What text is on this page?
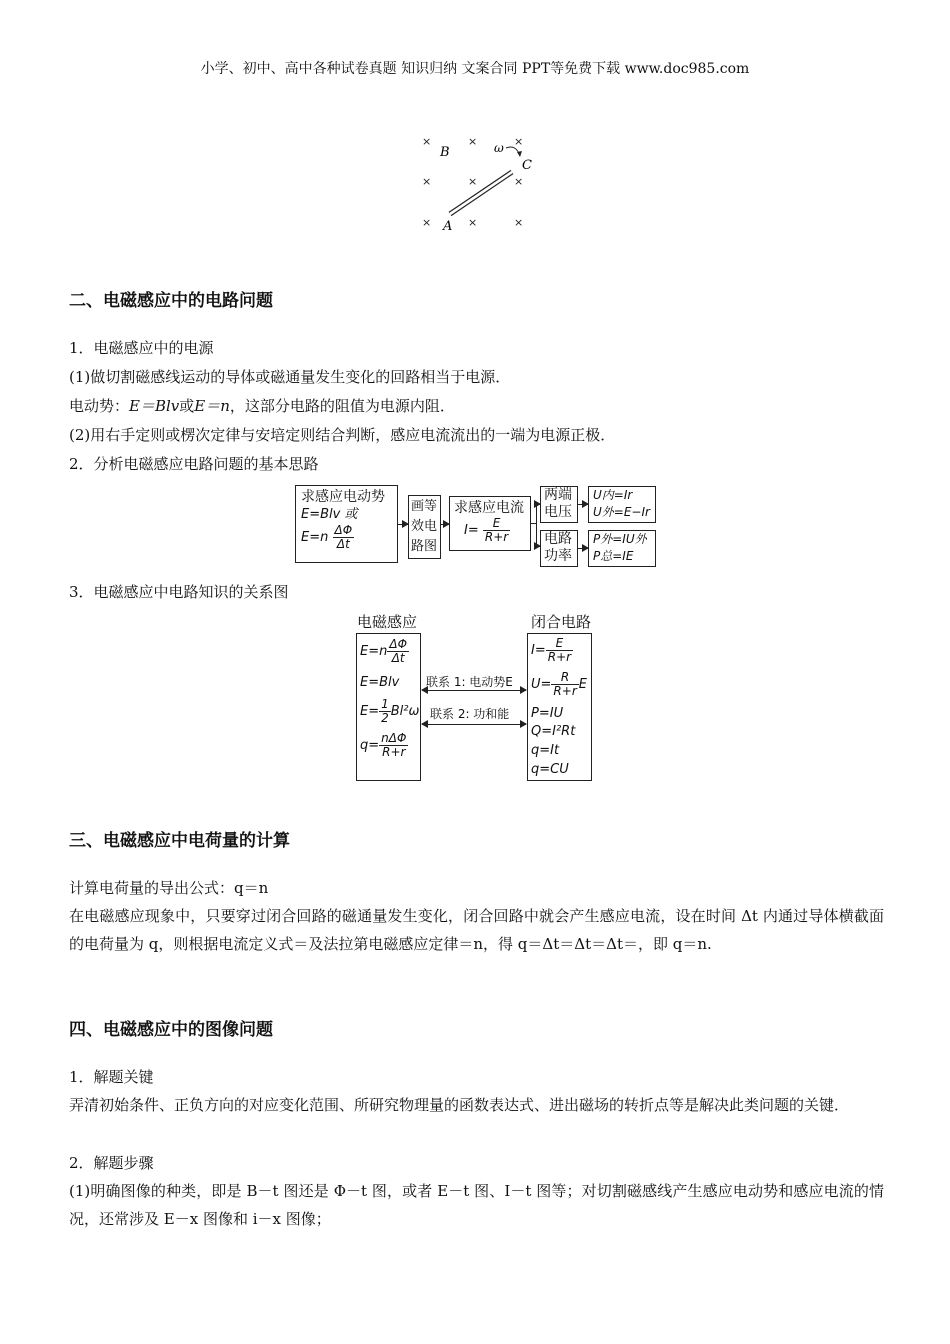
小学、初中、高中各种试卷真题 知识归纳 文案合同 PPT等免费下载 www.doc985.com
×	×	×
×	×	×
×	×	×
B
C
A
ω
二、电磁感应中的电路问题
1．电磁感应中的电源
(1)做切割磁感线运动的导体或磁通量发生变化的回路相当于电源．
电动势：E＝Blv或E＝n，这部分电路的阻值为电源内阻．
(2)用右手定则或楞次定律与安培定则结合判断，感应电流流出的一端为电源正极．
2．分析电磁感应电路问题的基本思路
求感应电动势
E=Blv 或
$E=n \frac{\Delta\Phi}{\Delta t}$
画等
效电
路图
求感应电流
$I= \frac{E}{R+r}$
两端
电压
U内=Ir
U外=E−Ir
电路
功率
P外=IU外
P总=IE
3．电磁感应中电路知识的关系图
电磁感应	闭合电路
$E=n \frac{\Delta\Phi}{\Delta t}$
E=Blv
$E= \frac{1}{2} Bl^2\omega$
$q= \frac{\text{nΔΦ}}{R+r}$
联系 1: 电动势E
联系 2: 功和能
$I= \frac{E}{R+r}$
$U= \frac{R}{R+r}$ E
P=IU
Q=I²Rt
q=It
q=CU
三、电磁感应中电荷量的计算
计算电荷量的导出公式：q＝n
在电磁感应现象中，只要穿过闭合回路的磁通量发生变化，闭合回路中就会产生感应电流，设在时间 Δt 内通过导体横截面的电荷量为 q，则根据电流定义式＝及法拉第电磁感应定律＝n，得 q＝Δt＝Δt＝Δt＝，即 q＝n.
四、电磁感应中的图像问题
1．解题关键
弄清初始条件、正负方向的对应变化范围、所研究物理量的函数表达式、进出磁场的转折点等是解决此类问题的关键．
2．解题步骤
(1)明确图像的种类，即是 B－t 图还是 Φ－t 图，或者 E－t 图、I－t 图等；对切割磁感线产生感应电动势和感应电流的情况，还常涉及 E－x 图像和 i－x 图像；
